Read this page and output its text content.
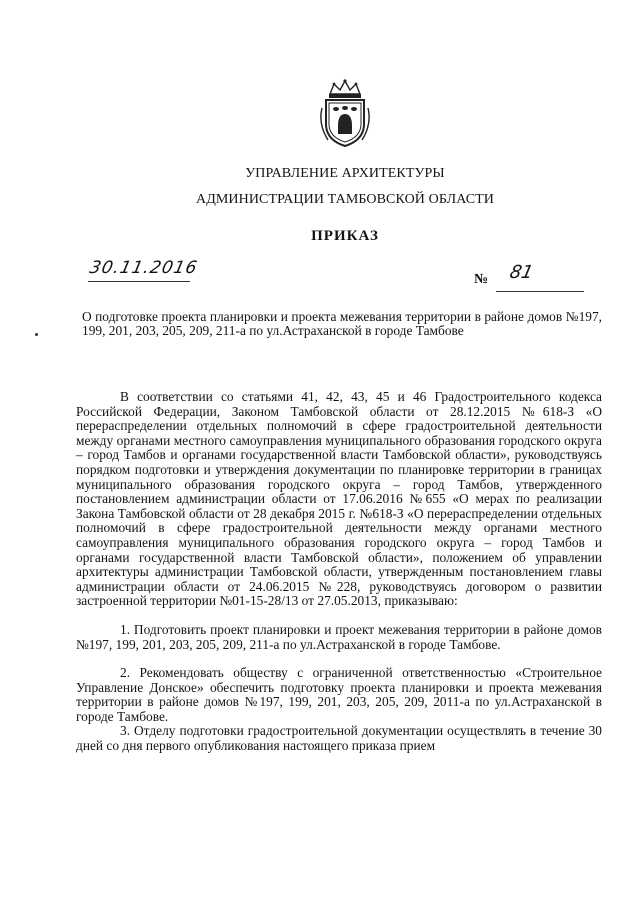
УПРАВЛЕНИЕ АРХИТЕКТУРЫ
АДМИНИСТРАЦИИ ТАМБОВСКОЙ ОБЛАСТИ
ПРИКАЗ
30.11.2016
№ 81
О подготовке проекта планировки и проекта межевания территории в районе домов №197, 199, 201, 203, 205, 209, 211-а по ул.Астраханской в городе Тамбове

В соответствии со статьями 41, 42, 43, 45 и 46 Градостроительного кодекса Российской Федерации, Законом Тамбовской области от 28.12.2015 №618-З «О перераспределении отдельных полномочий в сфере градостроительной деятельности между органами местного самоуправления муниципального образования городского округа – город Тамбов и органами государственной власти Тамбовской области», руководствуясь порядком подготовки и утверждения документации по планировке территории в границах муниципального образования городского округа – город Тамбов, утвержденного постановлением администрации области от 17.06.2016 №655 «О мерах по реализации Закона Тамбовской области от 28 декабря 2015 г. №618-З «О перераспределении отдельных полномочий в сфере градостроительной деятельности между органами местного самоуправления муниципального образования городского округа – город Тамбов и органами государственной власти Тамбовской области», положением об управлении архитектуры администрации Тамбовской области, утвержденным постановлением главы администрации области от 24.06.2015 №228, руководствуясь договором о развитии застроенной территории №01-15-28/13 от 27.05.2013, приказываю:

1. Подготовить проект планировки и проект межевания территории в районе домов №197, 199, 201, 203, 205, 209, 211-а по ул.Астраханской в городе Тамбове.

2. Рекомендовать обществу с ограниченной ответственностью «Строительное Управление Донское» обеспечить подготовку проекта планировки и проекта межевания территории в районе домов №197, 199, 201, 203, 205, 209, 2011-а по ул.Астраханской в городе Тамбове.

3. Отделу подготовки градостроительной документации осуществлять в течение 30 дней со дня первого опубликования настоящего приказа прием
